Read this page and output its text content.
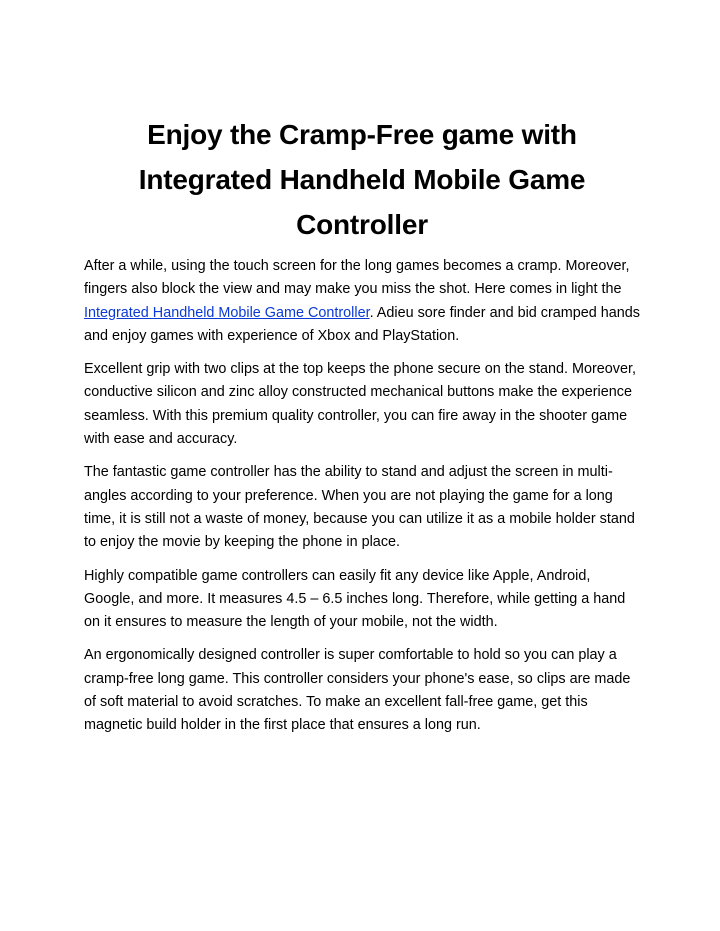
Enjoy the Cramp-Free game with Integrated Handheld Mobile Game Controller

After a while, using the touch screen for the long games becomes a cramp. Moreover, fingers also block the view and may make you miss the shot. Here comes in light the Integrated Handheld Mobile Game Controller. Adieu sore finder and bid cramped hands and enjoy games with experience of Xbox and PlayStation.

Excellent grip with two clips at the top keeps the phone secure on the stand. Moreover, conductive silicon and zinc alloy constructed mechanical buttons make the experience seamless. With this premium quality controller, you can fire away in the shooter game with ease and accuracy.

The fantastic game controller has the ability to stand and adjust the screen in multi-angles according to your preference. When you are not playing the game for a long time, it is still not a waste of money, because you can utilize it as a mobile holder stand to enjoy the movie by keeping the phone in place.

Highly compatible game controllers can easily fit any device like Apple, Android, Google, and more. It measures 4.5 – 6.5 inches long. Therefore, while getting a hand on it ensures to measure the length of your mobile, not the width.

An ergonomically designed controller is super comfortable to hold so you can play a cramp-free long game. This controller considers your phone's ease, so clips are made of soft material to avoid scratches. To make an excellent fall-free game, get this magnetic build holder in the first place that ensures a long run.
